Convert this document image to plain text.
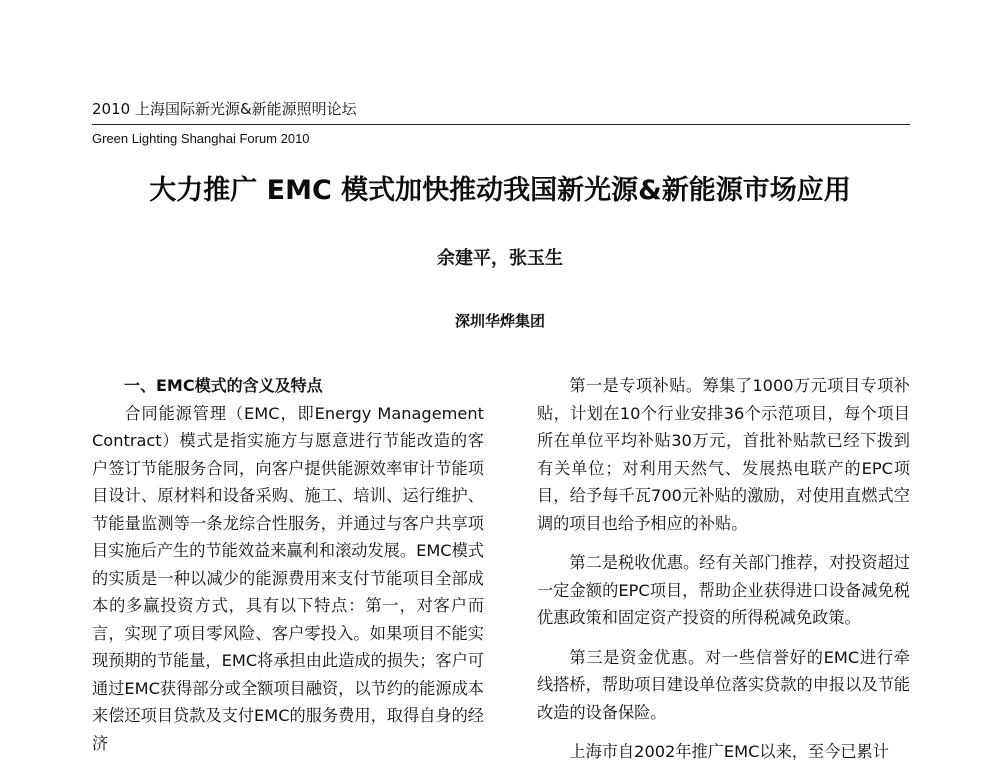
2010 上海国际新光源&新能源照明论坛
Green Lighting Shanghai Forum 2010
大力推广 EMC 模式加快推动我国新光源&新能源市场应用
余建平，张玉生
深圳华烨集团

一、EMC模式的含义及特点

合同能源管理（EMC，即Energy Management Contract）模式是指实施方与愿意进行节能改造的客户签订节能服务合同，向客户提供能源效率审计节能项目设计、原材料和设备采购、施工、培训、运行维护、节能量监测等一条龙综合性服务，并通过与客户共享项目实施后产生的节能效益来赢利和滚动发展。EMC模式的实质是一种以减少的能源费用来支付节能项目全部成本的多赢投资方式，具有以下特点：第一，对客户而言，实现了项目零风险、客户零投入。如果项目不能实现预期的节能量，EMC将承担由此造成的损失；客户可通过EMC获得部分或全额项目融资，以节约的能源成本来偿还项目贷款及支付EMC的服务费用，取得自身的经济

第一是专项补贴。筹集了1000万元项目专项补贴，计划在10个行业安排36个示范项目，每个项目所在单位平均补贴30万元，首批补贴款已经下拨到有关单位；对利用天然气、发展热电联产的EPC项目，给予每千瓦700元补贴的激励，对使用直燃式空调的项目也给予相应的补贴。

第二是税收优惠。经有关部门推荐，对投资超过一定金额的EPC项目，帮助企业获得进口设备减免税优惠政策和固定资产投资的所得税减免政策。

第三是资金优惠。对一些信誉好的EMC进行牵线搭桥，帮助项目建设单位落实贷款的申报以及节能改造的设备保险。

上海市自2002年推广EMC以来，至今已累计
